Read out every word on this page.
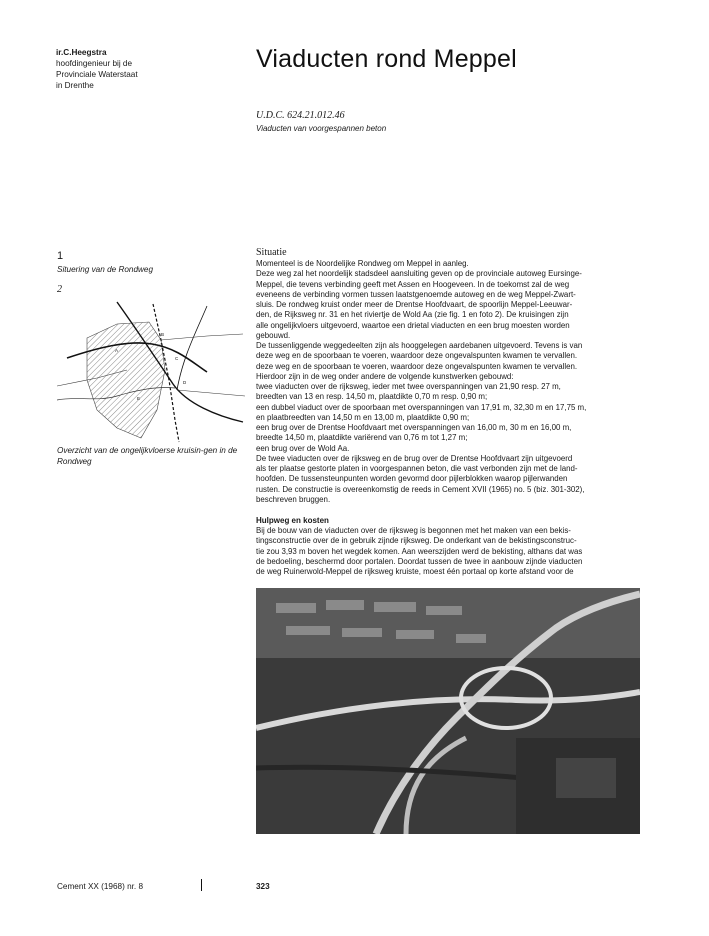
ir.C.Heegstra
hoofdingenieur bij de
Provinciale Waterstaat
in Drenthe
Viaducten rond Meppel
U.D.C. 624.21.012.46
Viaducten van voorgespannen beton
1
Situering van de Rondweg
2
A
B
C
D
E
Overzicht van de ongelijkvloerse kruisin-gen in de Rondweg
Situatie

Momenteel is de Noordelijke Rondweg om Meppel in aanleg.
Deze weg zal het noordelijk stadsdeel aansluiting geven op de provinciale autoweg Eursinge-
Meppel, die tevens verbinding geeft met Assen en Hoogeveen. In de toekomst zal de weg
eveneens de verbinding vormen tussen laatstgenoemde autoweg en de weg Meppel-Zwart-
sluis. De rondweg kruist onder meer de Drentse Hoofdvaart, de spoorlijn Meppel-Leeuwar-
den, de Rijksweg nr. 31 en het riviertje de Wold Aa (zie fig. 1 en foto 2). De kruisingen zijn
alle ongelijkvloers uitgevoerd, waartoe een drietal viaducten en een brug moesten worden
gebouwd.
De tussenliggende weggedeelten zijn als hooggelegen aardebanen uitgevoerd. Tevens is van
deze weg en de spoorbaan te voeren, waardoor deze ongevalspunten kwamen te vervallen.
deze weg en de spoorbaan te voeren, waardoor deze ongevalspunten kwamen te vervallen.
Hierdoor zijn in de weg onder andere de volgende kunstwerken gebouwd:
twee viaducten over de rijksweg, ieder met twee overspanningen van 21,90 resp. 27 m,
breedten van 13 en resp. 14,50 m, plaatdikte 0,70 m resp. 0,90 m;
een dubbel viaduct over de spoorbaan met overspanningen van 17,91 m, 32,30 m en 17,75 m,
en plaatbreedten van 14,50 m en 13,00 m, plaatdikte 0,90 m;
een brug over de Drentse Hoofdvaart met overspanningen van 16,00 m, 30 m en 16,00 m,
breedte 14,50 m, plaatdikte variërend van 0,76 m tot 1,27 m;
een brug over de Wold Aa.
De twee viaducten over de rijksweg en de brug over de Drentse Hoofdvaart zijn uitgevoerd
als ter plaatse gestorte platen in voorgespannen beton, die vast verbonden zijn met de land-
hoofden. De tussensteunpunten worden gevormd door pijlerblokken waarop pijlerwanden
rusten. De constructie is overeenkomstig de reeds in Cement XVII (1965) no. 5 (biz. 301-302),
beschreven bruggen.

Hulpweg en kosten

Bij de bouw van de viaducten over de rijksweg is begonnen met het maken van een bekis-
tingsconstructie over de in gebruik zijnde rijksweg. De onderkant van de bekistingsconstruc-
tie zou 3,93 m boven het wegdek komen. Aan weerszijden werd de bekisting, althans dat was
de bedoeling, beschermd door portalen. Doordat tussen de twee in aanbouw zijnde viaducten
de weg Ruinerwold-Meppel de rijksweg kruiste, moest één portaal op korte afstand voor de

Cement XX (1968) nr. 8	323
